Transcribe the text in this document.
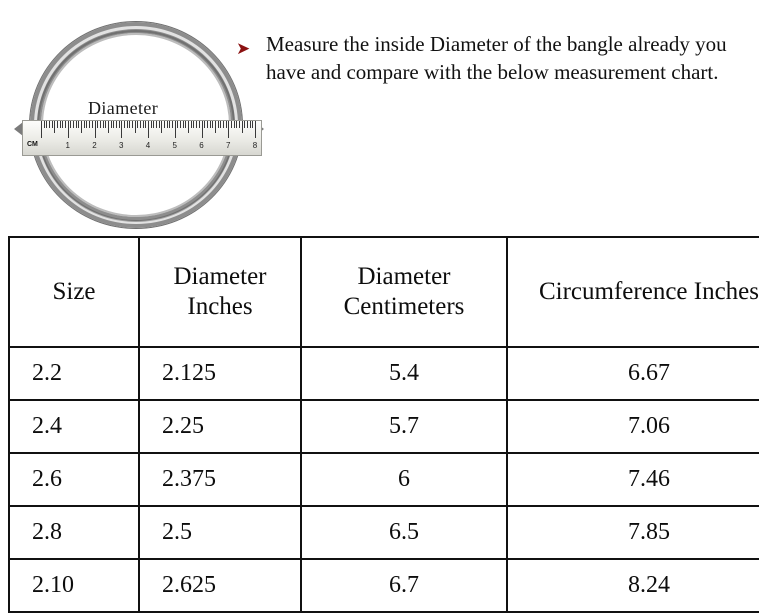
Diameter
CM	1	2	3	4	5	6	7	8
➤ Measure the inside Diameter of the bangle already you have and compare with the below measurement chart.
Size	Diameter Inches	Diameter Centimeters	Circumference Inches
2.2	2.125	5.4	6.67
2.4	2.25	5.7	7.06
2.6	2.375	6	7.46
2.8	2.5	6.5	7.85
2.10	2.625	6.7	8.24
